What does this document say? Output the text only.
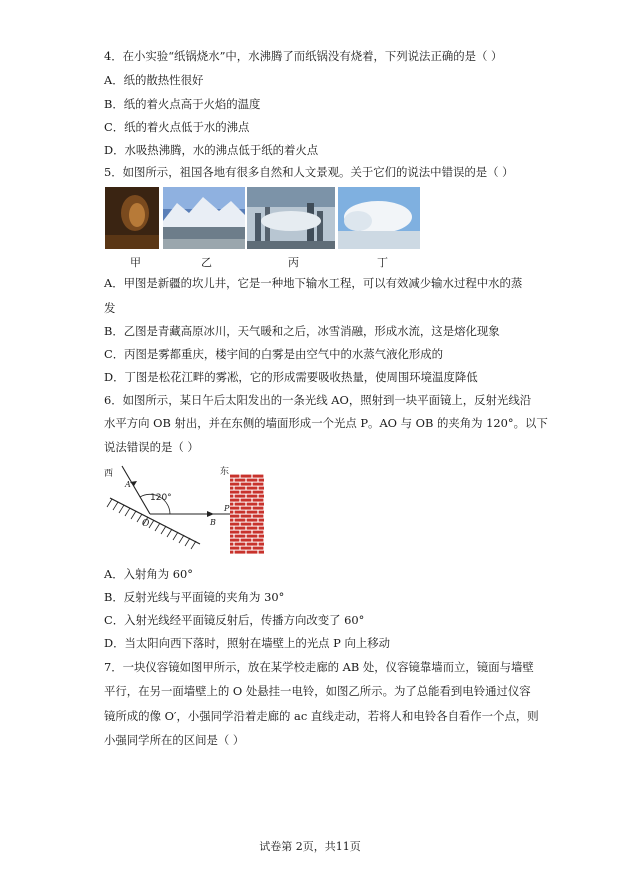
4．在小实验“纸锅烧水”中，水沸腾了而纸锅没有烧着，下列说法正确的是（ ）
A．纸的散热性很好
B．纸的着火点高于火焰的温度
C．纸的着火点低于水的沸点
D．水吸热沸腾，水的沸点低于纸的着火点
5．如图所示，祖国各地有很多自然和人文景观。关于它们的说法中错误的是（ ）
甲	乙	丙	丁
A．甲图是新疆的坎儿井，它是一种地下输水工程，可以有效减少输水过程中水的蒸
发
B．乙图是青藏高原冰川，天气暖和之后，冰雪消融，形成水流，这是熔化现象
C．丙图是雾都重庆，楼宇间的白雾是由空气中的水蒸气液化形成的
D．丁图是松花江畔的雾凇，它的形成需要吸收热量，使周围环境温度降低
6．如图所示，某日午后太阳发出的一条光线 AO，照射到一块平面镜上，反射光线沿
水平方向 OB 射出，并在东侧的墙面形成一个光点 P。AO 与 OB 的夹角为 120°。以下
说法错误的是（ ）
西	东
120°
A
O	B
P
A．入射角为 60°
B．反射光线与平面镜的夹角为 30°
C．入射光线经平面镜反射后，传播方向改变了 60°
D．当太阳向西下落时，照射在墙壁上的光点 P 向上移动
7．一块仪容镜如图甲所示，放在某学校走廊的 AB 处，仪容镜靠墙而立，镜面与墙壁
平行，在另一面墙壁上的 O 处悬挂一电铃，如图乙所示。为了总能看到电铃通过仪容
镜所成的像 O′，小强同学沿着走廊的 ac 直线走动，若将人和电铃各自看作一个点，则
小强同学所在的区间是（ ）
试卷第 2页，共11页
